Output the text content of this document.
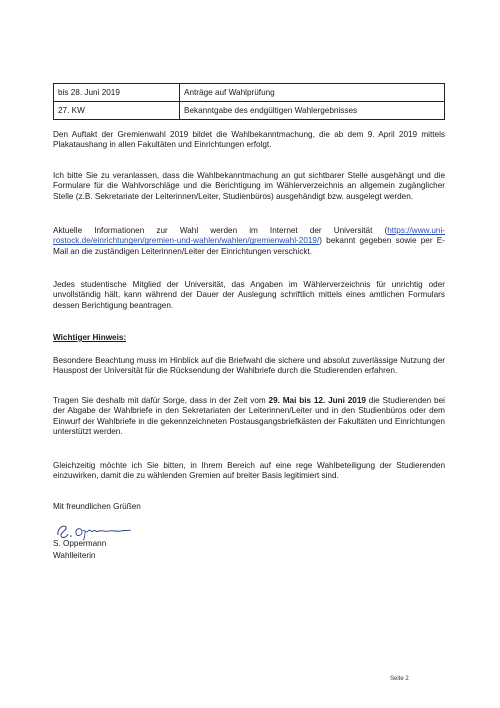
bis 28. Juni 2019	Anträge auf Wahlprüfung
27. KW	Bekanntgabe des endgültigen Wahlergebnisses

Den Auftakt der Gremienwahl 2019 bildet die Wahlbekanntmachung, die ab dem 9. April 2019 mittels Plakataushang in allen Fakultäten und Einrichtungen erfolgt.

Ich bitte Sie zu veranlassen, dass die Wahlbekanntmachung an gut sichtbarer Stelle ausgehängt und die Formulare für die Wahlvorschläge und die Berichtigung im Wählerverzeichnis an allgemein zugänglicher Stelle (z.B. Sekretariate der Leiterinnen/Leiter, Studienbüros) ausgehändigt bzw. ausgelegt werden.

Aktuelle Informationen zur Wahl werden im Internet der Universität (https://www.uni-rostock.de/einrichtungen/gremien-und-wahlen/wahlen/gremienwahl-2019/) bekannt gegeben sowie per E-Mail an die zuständigen Leiterinnen/Leiter der Einrichtungen verschickt.

Jedes studentische Mitglied der Universität, das Angaben im Wählerverzeichnis für unrichtig oder unvollständig hält, kann während der Dauer der Auslegung schriftlich mittels eines amtlichen Formulars dessen Berichtigung beantragen.

Wichtiger Hinweis:

Besondere Beachtung muss im Hinblick auf die Briefwahl die sichere und absolut zuverlässige Nutzung der Hauspost der Universität für die Rücksendung der Wahlbriefe durch die Studierenden erfahren.

Tragen Sie deshalb mit dafür Sorge, dass in der Zeit vom 29. Mai bis 12. Juni 2019 die Studierenden bei der Abgabe der Wahlbriefe in den Sekretariaten der Leiterinnen/Leiter und in den Studienbüros oder dem Einwurf der Wahlbriefe in die gekennzeichneten Postausgangsbriefkästen der Fakultäten und Einrichtungen unterstützt werden.

Gleichzeitig möchte ich Sie bitten, in Ihrem Bereich auf eine rege Wahlbeteiligung der Studierenden einzuwirken, damit die zu wählenden Gremien auf breiter Basis legitimiert sind.

Mit freundlichen Grüßen

S. Oppermann

Wahlleiterin

Seite 2
